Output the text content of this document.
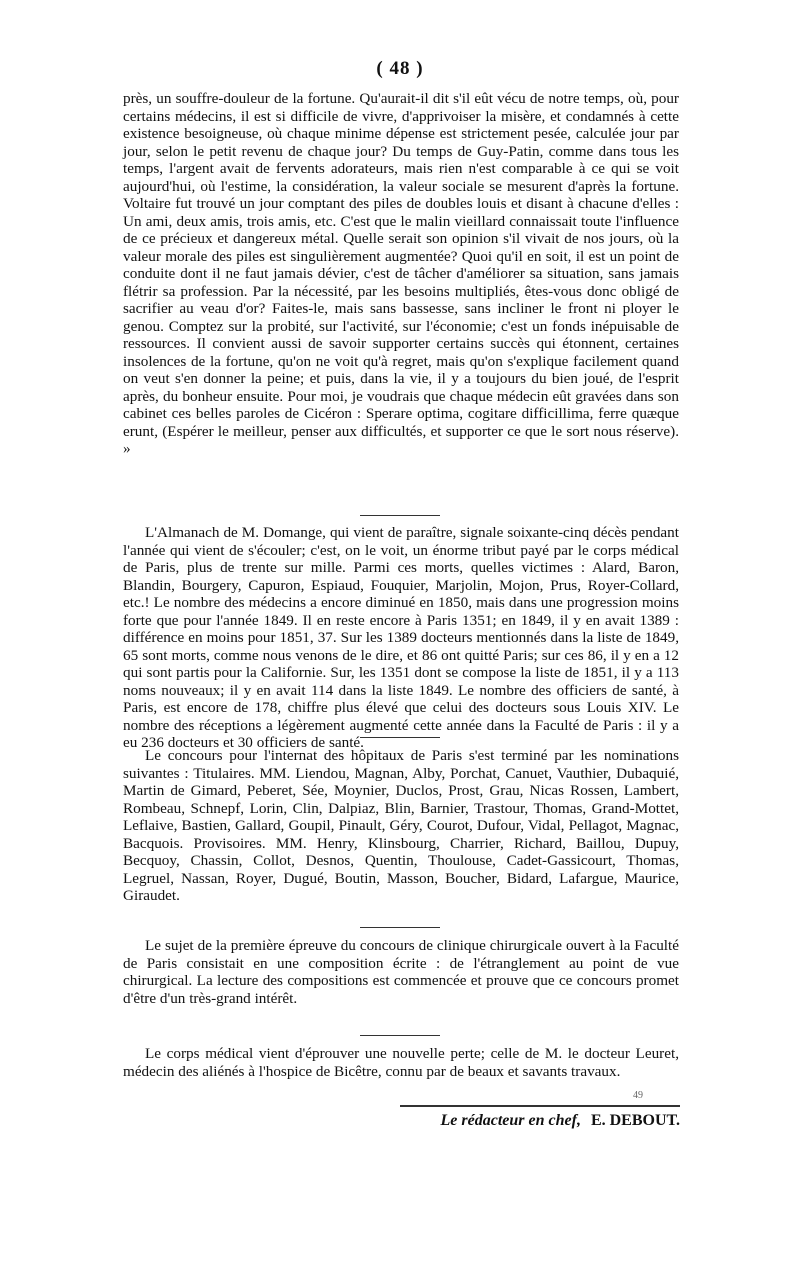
( 48 )

près, un souffre-douleur de la fortune. Qu'aurait-il dit s'il eût vécu de notre temps, où, pour certains médecins, il est si difficile de vivre, d'apprivoiser la misère, et condamnés à cette existence besoigneuse, où chaque minime dépense est strictement pesée, calculée jour par jour, selon le petit revenu de chaque jour? Du temps de Guy-Patin, comme dans tous les temps, l'argent avait de fervents adorateurs, mais rien n'est comparable à ce qui se voit aujourd'hui, où l'estime, la considération, la valeur sociale se mesurent d'après la fortune. Voltaire fut trouvé un jour comptant des piles de doubles louis et disant à chacune d'elles : Un ami, deux amis, trois amis, etc. C'est que le malin vieillard connaissait toute l'influence de ce précieux et dangereux métal. Quelle serait son opinion s'il vivait de nos jours, où la valeur morale des piles est singulièrement augmentée? Quoi qu'il en soit, il est un point de conduite dont il ne faut jamais dévier, c'est de tâcher d'améliorer sa situation, sans jamais flétrir sa profession. Par la nécessité, par les besoins multipliés, êtes-vous donc obligé de sacrifier au veau d'or? Faites-le, mais sans bassesse, sans incliner le front ni ployer le genou. Comptez sur la probité, sur l'activité, sur l'économie; c'est un fonds inépuisable de ressources. Il convient aussi de savoir supporter certains succès qui étonnent, certaines insolences de la fortune, qu'on ne voit qu'à regret, mais qu'on s'explique facilement quand on veut s'en donner la peine; et puis, dans la vie, il y a toujours du bien joué, de l'esprit après, du bonheur ensuite. Pour moi, je voudrais que chaque médecin eût gravées dans son cabinet ces belles paroles de Cicéron : Sperare optima, cogitare difficillima, ferre quæque erunt, (Espérer le meilleur, penser aux difficultés, et supporter ce que le sort nous réserve). »

L'Almanach de M. Domange, qui vient de paraître, signale soixante-cinq décès pendant l'année qui vient de s'écouler; c'est, on le voit, un énorme tribut payé par le corps médical de Paris, plus de trente sur mille. Parmi ces morts, quelles victimes : Alard, Baron, Blandin, Bourgery, Capuron, Espiaud, Fouquier, Marjolin, Mojon, Prus, Royer-Collard, etc.! Le nombre des médecins a encore diminué en 1850, mais dans une progression moins forte que pour l'année 1849. Il en reste encore à Paris 1351; en 1849, il y en avait 1389 : différence en moins pour 1851, 37. Sur les 1389 docteurs mentionnés dans la liste de 1849, 65 sont morts, comme nous venons de le dire, et 86 ont quitté Paris; sur ces 86, il y en a 12 qui sont partis pour la Californie. Sur, les 1351 dont se compose la liste de 1851, il y a 113 noms nouveaux; il y en avait 114 dans la liste 1849. Le nombre des officiers de santé, à Paris, est encore de 178, chiffre plus élevé que celui des docteurs sous Louis XIV. Le nombre des réceptions a légèrement augmenté cette année dans la Faculté de Paris : il y a eu 236 docteurs et 30 officiers de santé.

Le concours pour l'internat des hôpitaux de Paris s'est terminé par les nominations suivantes : Titulaires. MM. Liendou, Magnan, Alby, Porchat, Canuet, Vauthier, Dubaquié, Martin de Gimard, Peberet, Sée, Moynier, Duclos, Prost, Grau, Nicas Rossen, Lambert, Rombeau, Schnepf, Lorin, Clin, Dalpiaz, Blin, Barnier, Trastour, Thomas, Grand-Mottet, Leflaive, Bastien, Gallard, Goupil, Pinault, Géry, Courot, Dufour, Vidal, Pellagot, Magnac, Bacquois. Provisoires. MM. Henry, Klinsbourg, Charrier, Richard, Baillou, Dupuy, Becquoy, Chassin, Collot, Desnos, Quentin, Thoulouse, Cadet-Gassicourt, Thomas, Legruel, Nassan, Royer, Dugué, Boutin, Masson, Boucher, Bidard, Lafargue, Maurice, Giraudet.

Le sujet de la première épreuve du concours de clinique chirurgicale ouvert à la Faculté de Paris consistait en une composition écrite : de l'étranglement au point de vue chirurgical. La lecture des compositions est commencée et prouve que ce concours promet d'être d'un très-grand intérêt.

Le corps médical vient d'éprouver une nouvelle perte; celle de M. le docteur Leuret, médecin des aliénés à l'hospice de Bicêtre, connu par de beaux et savants travaux.

49
Le rédacteur en chef, E. DEBOUT.
